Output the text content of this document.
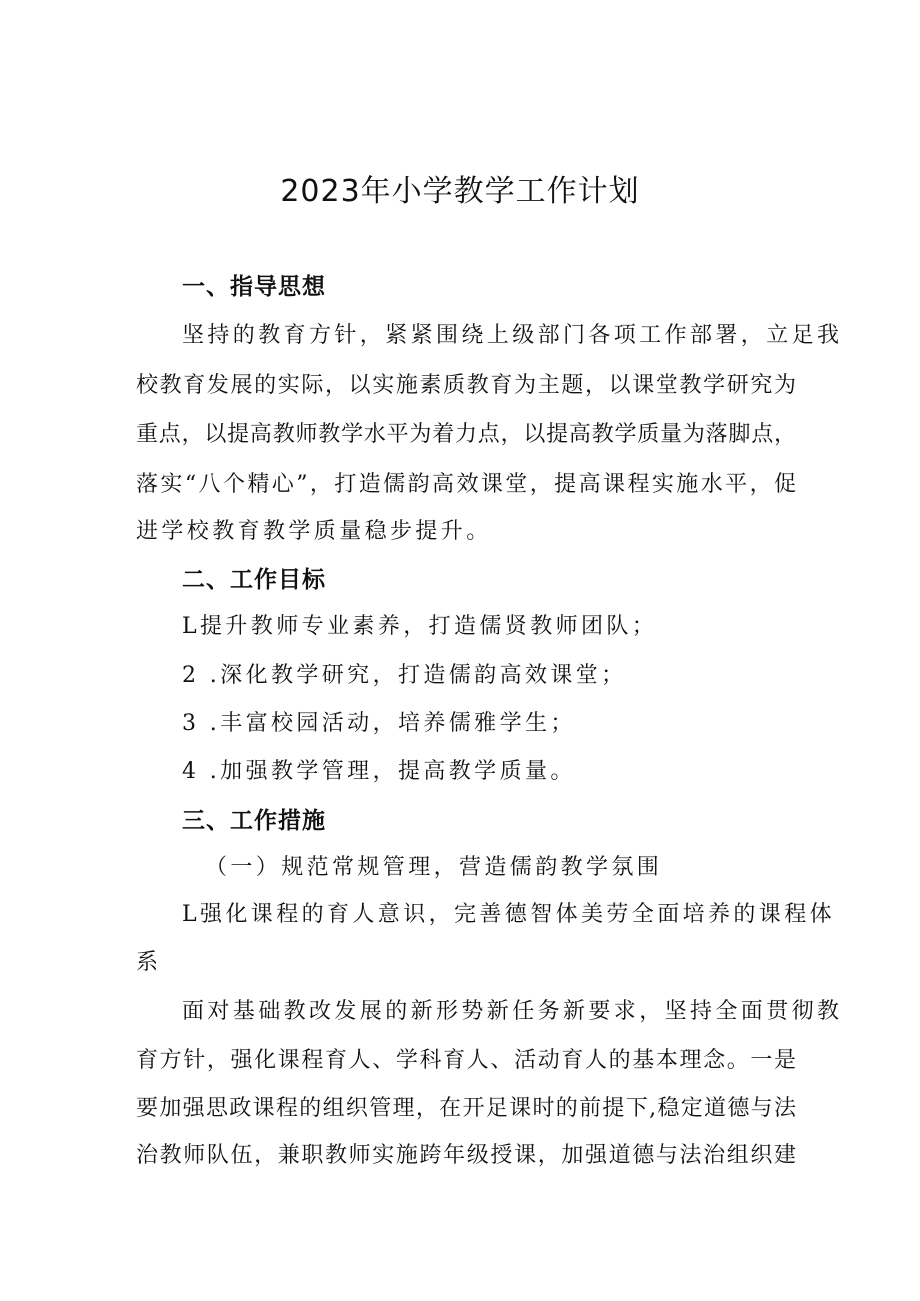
2023年小学教学工作计划
一、指导思想
坚持的教育方针，紧紧围绕上级部门各项工作部署，立足我
校教育发展的实际，以实施素质教育为主题，以课堂教学研究为
重点，以提高教师教学水平为着力点，以提高教学质量为落脚点，
落实“八个精心”，打造儒韵高效课堂，提高课程实施水平，促
进学校教育教学质量稳步提升。
二、工作目标
L提升教师专业素养，打造儒贤教师团队；
2 .深化教学研究，打造儒韵高效课堂；
3 .丰富校园活动，培养儒雅学生；
4 .加强教学管理，提高教学质量。
三、工作措施
（一）规范常规管理，营造儒韵教学氛围
L强化课程的育人意识，完善德智体美劳全面培养的课程体
系
面对基础教改发展的新形势新任务新要求，坚持全面贯彻教
育方针，强化课程育人、学科育人、活动育人的基本理念。一是
要加强思政课程的组织管理，在开足课时的前提下,稳定道德与法
治教师队伍，兼职教师实施跨年级授课，加强道德与法治组织建
